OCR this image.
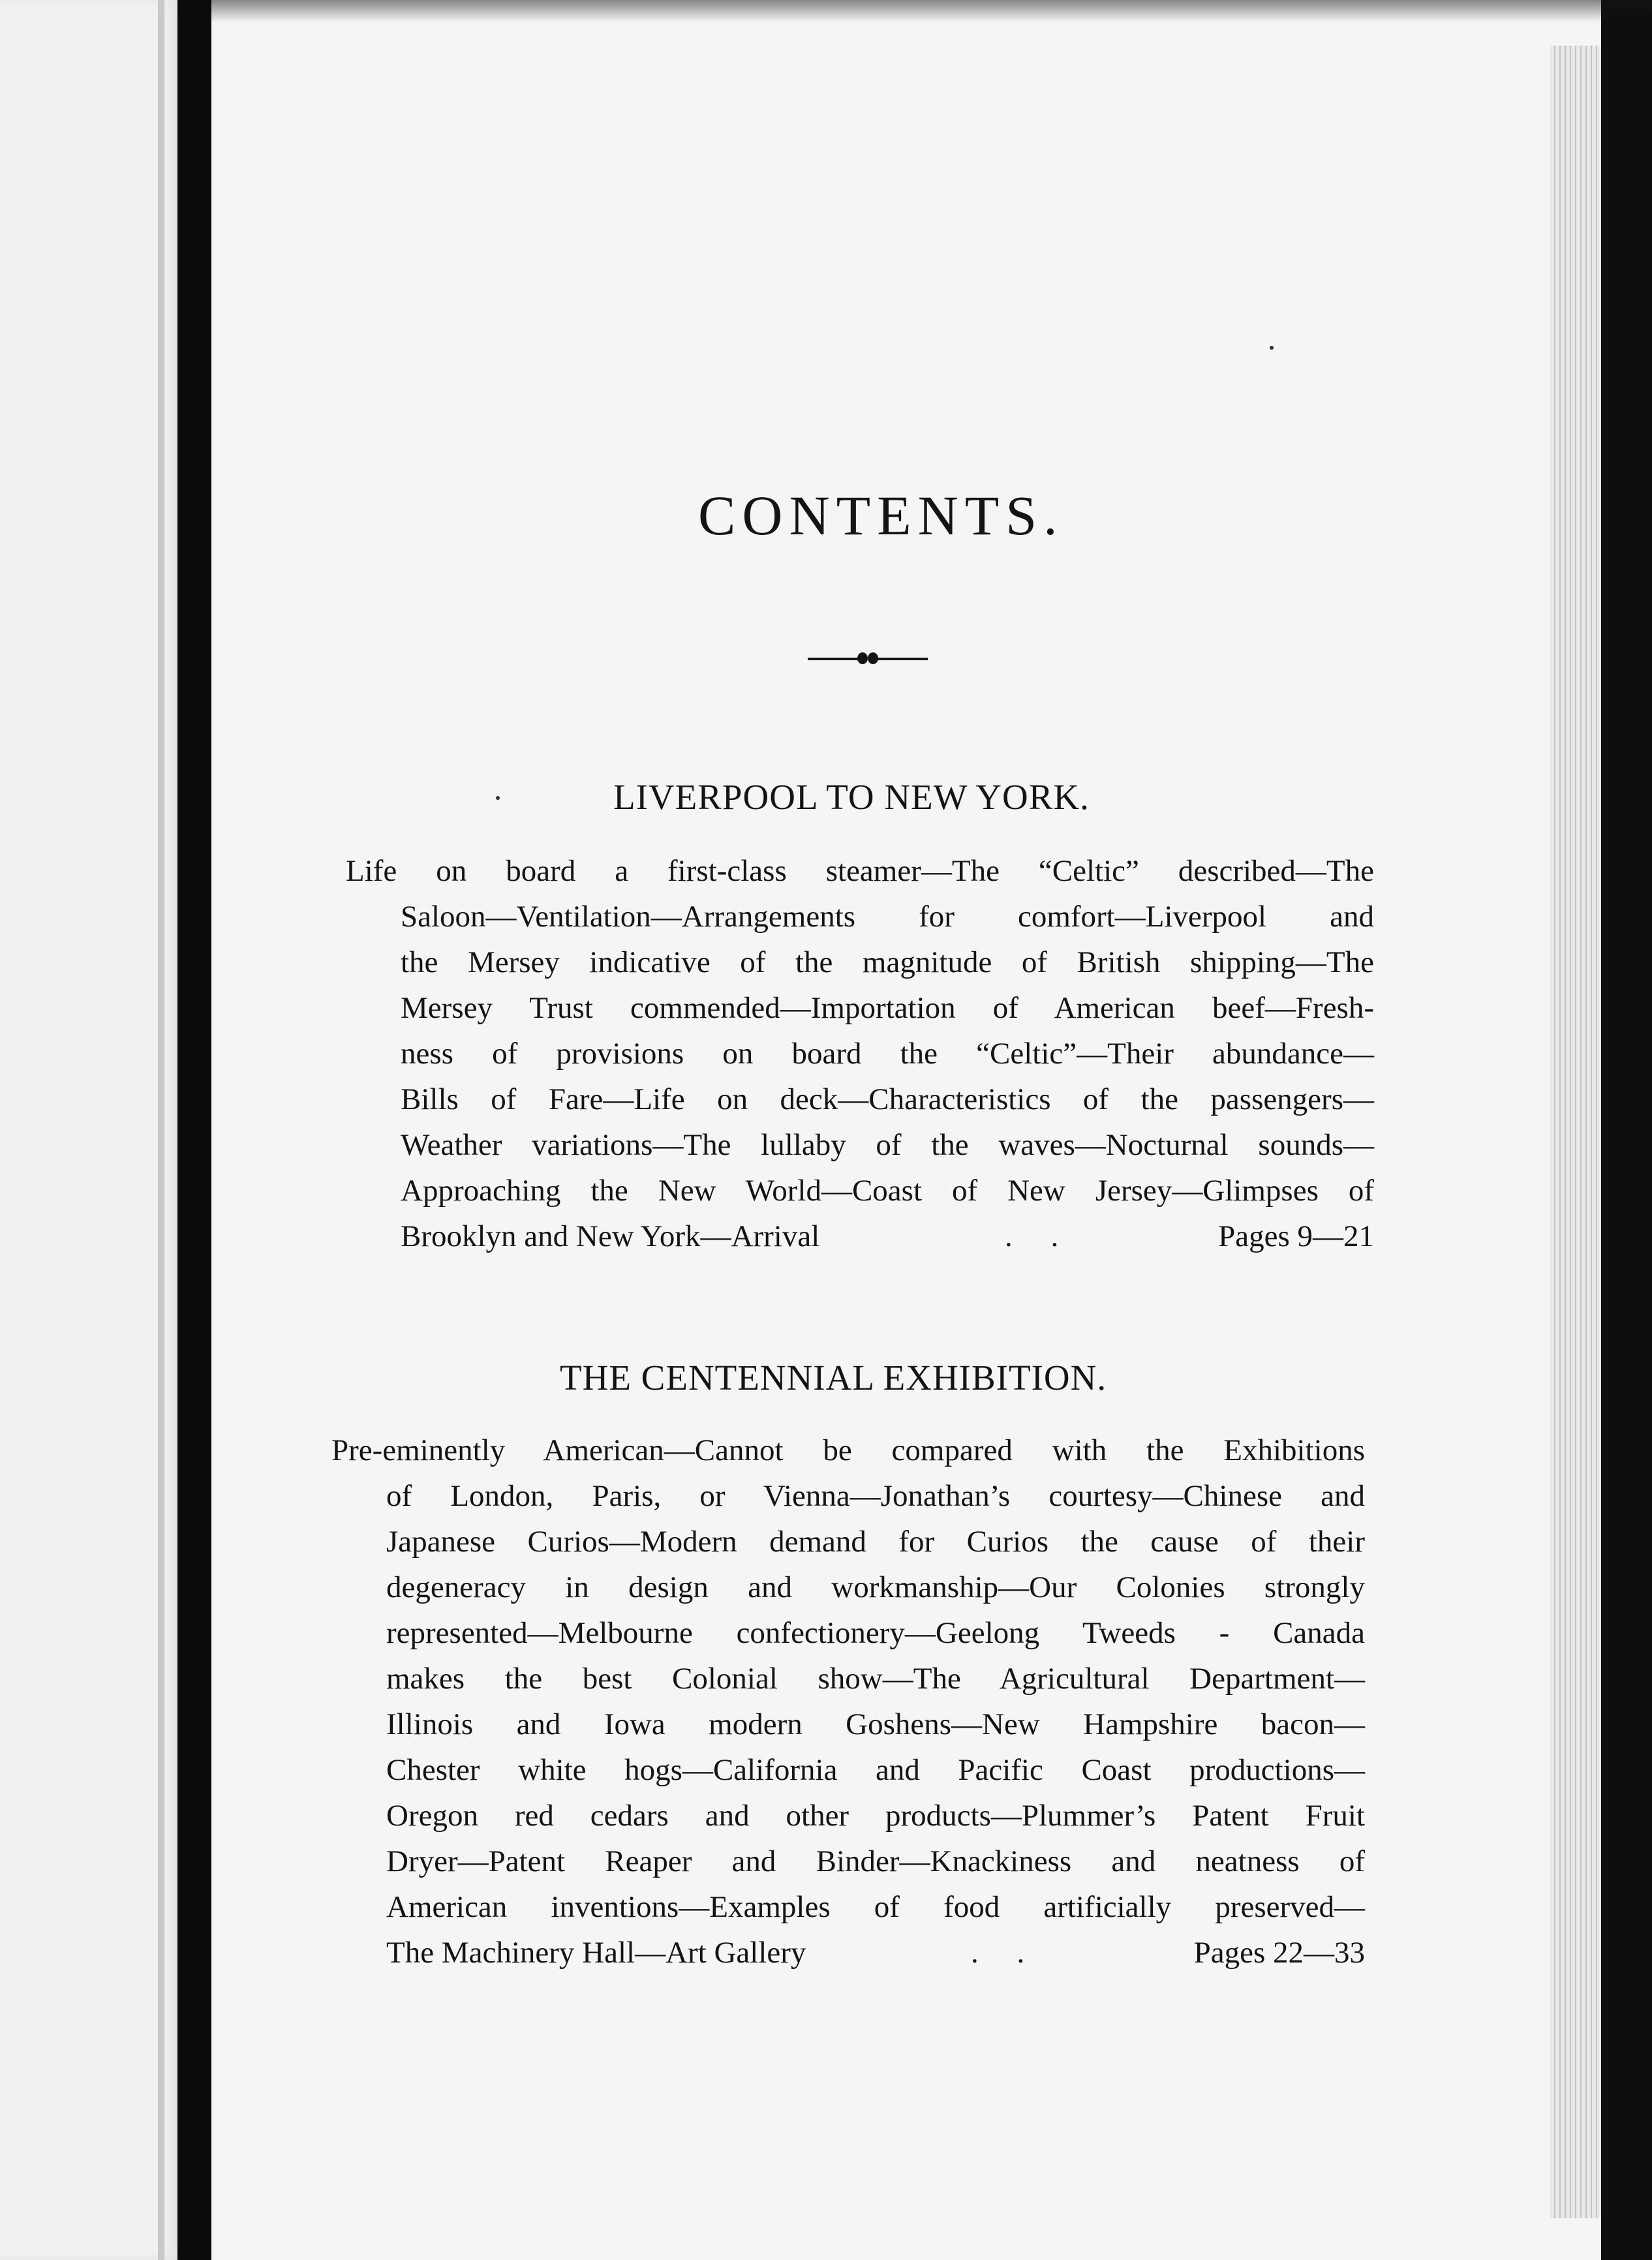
CONTENTS.
LIVERPOOL TO NEW YORK.
Life on board a first-class steamer—The “Celtic” described—The
Saloon—Ventilation—Arrangements for comfort—Liverpool and
the Mersey indicative of the magnitude of British shipping—The
Mersey Trust commended—Importation of American beef—Fresh-
ness of provisions on board the “Celtic”—Their abundance—
Bills of Fare—Life on deck—Characteristics of the passengers—
Weather variations—The lullaby of the waves—Nocturnal sounds—
Approaching the New World—Coast of New Jersey—Glimpses of
Brooklyn and New York—Arrival	.     .	Pages 9—21
THE CENTENNIAL EXHIBITION.
Pre-eminently American—Cannot be compared with the Exhibitions
of London, Paris, or Vienna—Jonathan’s courtesy—Chinese and
Japanese Curios—Modern demand for Curios the cause of their
degeneracy in design and workmanship—Our Colonies strongly
represented—Melbourne confectionery—Geelong Tweeds - Canada
makes the best Colonial show—The Agricultural Department—
Illinois and Iowa modern Goshens—New Hampshire bacon—
Chester white hogs—California and Pacific Coast productions—
Oregon red cedars and other products—Plummer’s Patent Fruit
Dryer—Patent Reaper and Binder—Knackiness and neatness of
American inventions—Examples of food artificially preserved—
The Machinery Hall—Art Gallery	.     .	Pages 22—33
